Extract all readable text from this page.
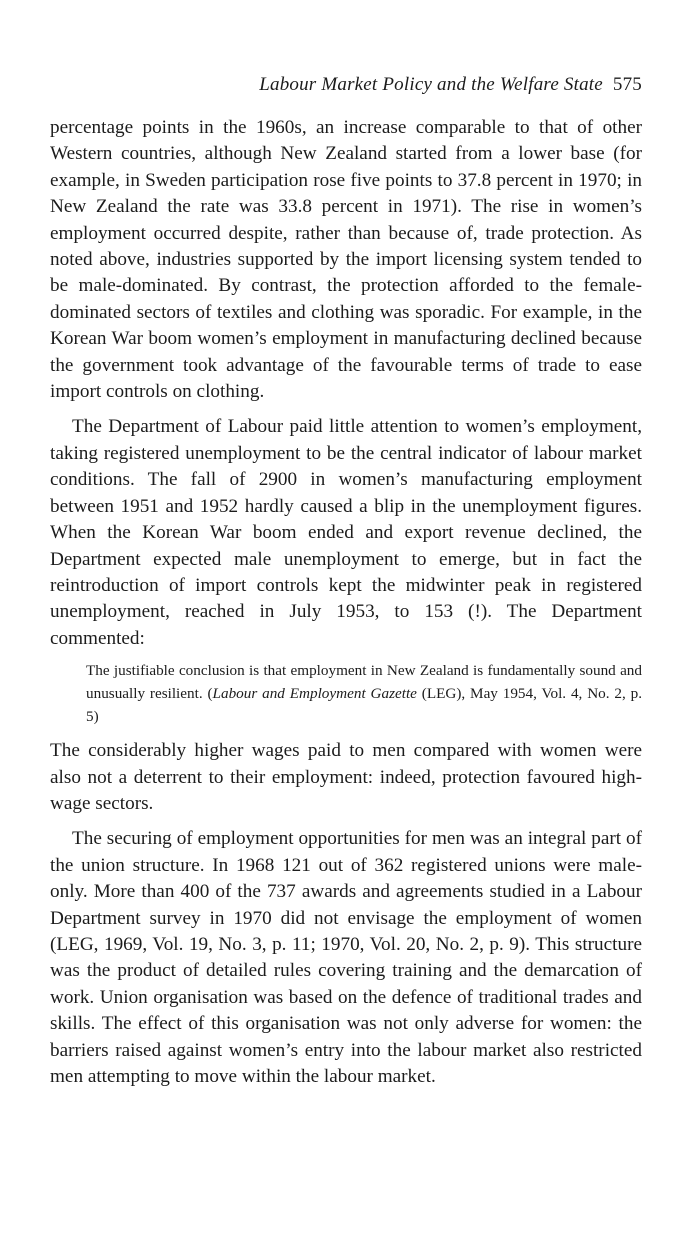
Labour Market Policy and the Welfare State 575

percentage points in the 1960s, an increase comparable to that of other Western countries, although New Zealand started from a lower base (for example, in Sweden participation rose five points to 37.8 percent in 1970; in New Zealand the rate was 33.8 percent in 1971). The rise in women’s employment occurred despite, rather than because of, trade protection. As noted above, industries supported by the import licensing system tended to be male-dominated. By contrast, the protection afforded to the female-dominated sectors of textiles and clothing was sporadic. For example, in the Korean War boom women’s employment in manufacturing declined because the government took advantage of the favourable terms of trade to ease import controls on clothing.

The Department of Labour paid little attention to women’s employment, taking registered unemployment to be the central indicator of labour market conditions. The fall of 2900 in women’s manufacturing employment between 1951 and 1952 hardly caused a blip in the unemployment figures. When the Korean War boom ended and export revenue declined, the Department expected male unemployment to emerge, but in fact the reintroduction of import controls kept the midwinter peak in registered unemployment, reached in July 1953, to 153 (!). The Department commented:

The justifiable conclusion is that employment in New Zealand is fundamentally sound and unusually resilient. (Labour and Employment Gazette (LEG), May 1954, Vol. 4, No. 2, p. 5)

The considerably higher wages paid to men compared with women were also not a deterrent to their employment: indeed, protection favoured high-wage sectors.

The securing of employment opportunities for men was an integral part of the union structure. In 1968 121 out of 362 registered unions were male-only. More than 400 of the 737 awards and agreements studied in a Labour Department survey in 1970 did not envisage the employment of women (LEG, 1969, Vol. 19, No. 3, p. 11; 1970, Vol. 20, No. 2, p. 9). This structure was the product of detailed rules covering training and the demarcation of work. Union organisation was based on the defence of traditional trades and skills. The effect of this organisation was not only adverse for women: the barriers raised against women’s entry into the labour market also restricted men attempting to move within the labour market.
